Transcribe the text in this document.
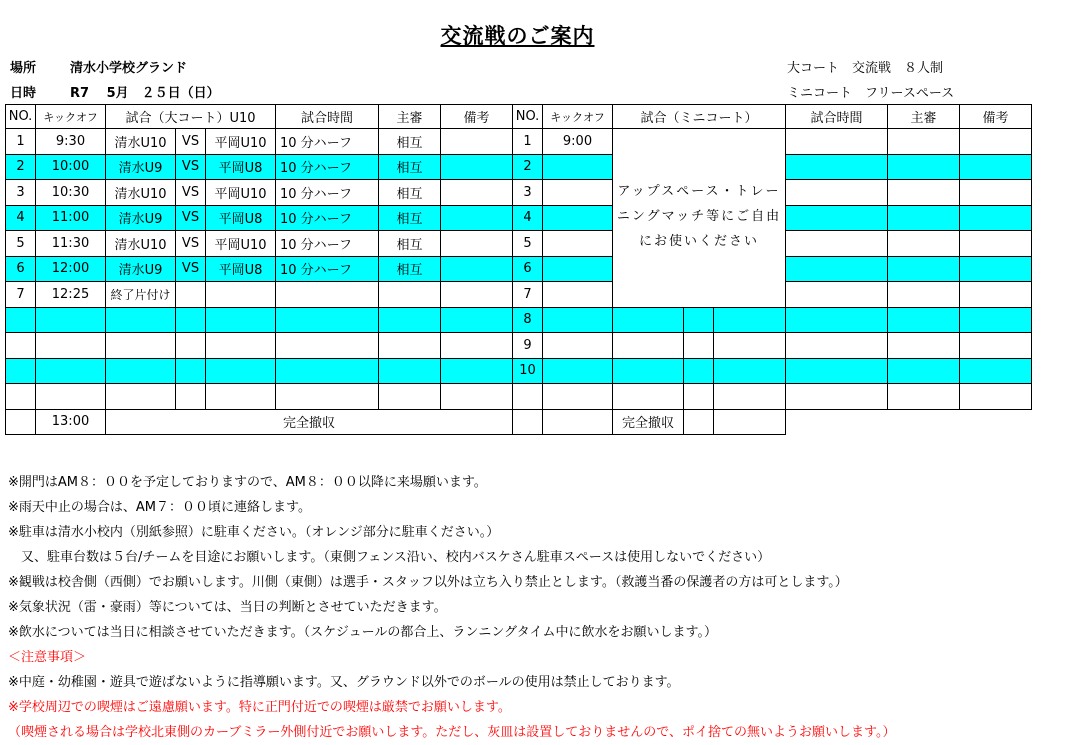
交流戦のご案内
場所	清水小学校グランド
日時	R7　 5月　２５日（日）
大コート　交流戦　８人制
ミニコート　フリースペース
NO.	キックオフ	試合（大コート）U10			試合時間	主審	備考	NO.	キックオフ	試合（ミニコート）			試合時間	主審	備考
1	9:30	清水U10	VS	平岡U10	10 分ハーフ	相互		1	9:00	アップスペース・トレーニングマッチ等にご自由にお使いください					
2	10:00	清水U9	VS	平岡U8	10 分ハーフ	相互		2							
3	10:30	清水U10	VS	平岡U10	10 分ハーフ	相互		3							
4	11:00	清水U9	VS	平岡U8	10 分ハーフ	相互		4							
5	11:30	清水U10	VS	平岡U10	10 分ハーフ	相互		5							
6	12:00	清水U9	VS	平岡U8	10 分ハーフ	相互		6							
7	12:25	終了片付け						7							
								8							
								9							
								10							

	13:00	完全撤収								完全撤収					
※開門はAM８：００を予定しておりますので、AM８：００以降に来場願います。
※雨天中止の場合は、AM７：００頃に連絡します。
※駐車は清水小校内（別紙参照）に駐車ください。（オレンジ部分に駐車ください。）
　又、駐車台数は５台/チームを目途にお願いします。（東側フェンス沿い、校内バスケさん駐車スペースは使用しないでください）
※観戦は校舎側（西側）でお願いします。川側（東側）は選手・スタッフ以外は立ち入り禁止とします。（救護当番の保護者の方は可とします。）
※気象状況（雷・豪雨）等については、当日の判断とさせていただきます。
※飲水については当日に相談させていただきます。（スケジュールの都合上、ランニングタイム中に飲水をお願いします。）
＜注意事項＞
※中庭・幼稚園・遊具で遊ばないように指導願います。又、グラウンド以外でのボールの使用は禁止しております。
※学校周辺での喫煙はご遠慮願います。特に正門付近での喫煙は厳禁でお願いします。
（喫煙される場合は学校北東側のカーブミラー外側付近でお願いします。ただし、灰皿は設置しておりませんので、ポイ捨ての無いようお願いします。）
